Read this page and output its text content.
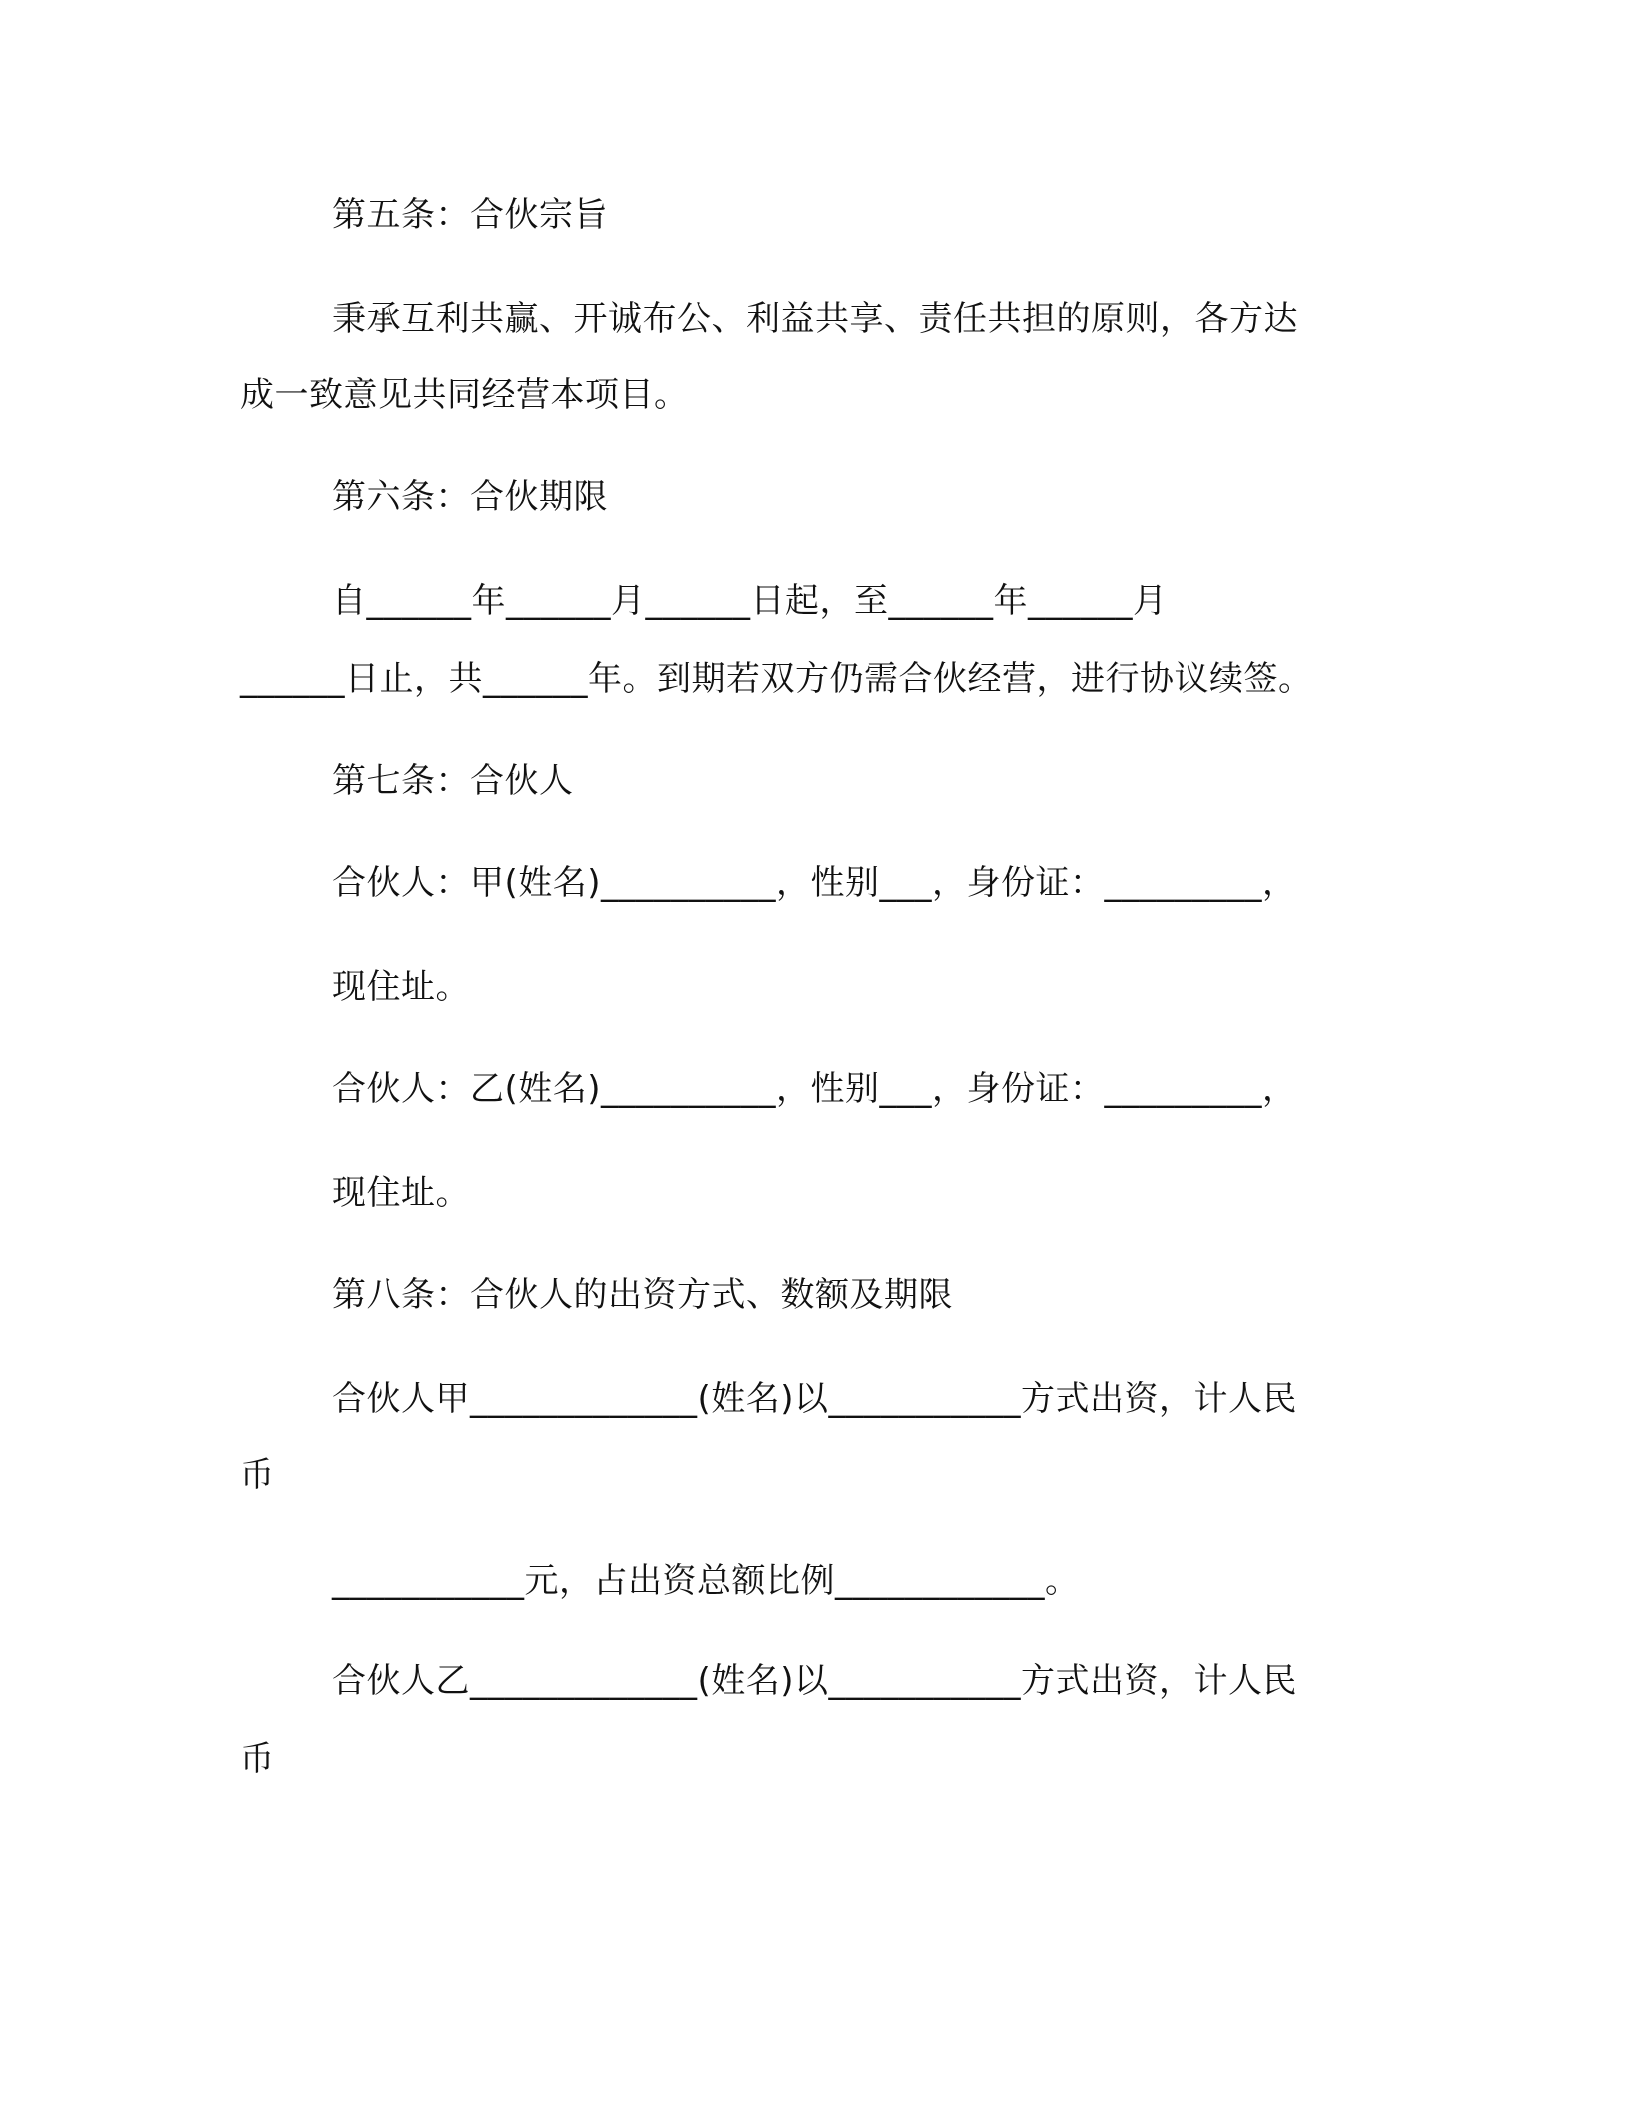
第五条：合伙宗旨
秉承互利共赢、开诚布公、利益共享、责任共担的原则，各方达
成一致意见共同经营本项目。
第六条：合伙期限
自______年______月______日起，至______年______月
______日止，共______年。到期若双方仍需合伙经营，进行协议续签。
第七条：合伙人
合伙人：甲(姓名)__________，性别___，身份证：_________，
现住址。
合伙人：乙(姓名)__________，性别___，身份证：_________，
现住址。
第八条：合伙人的出资方式、数额及期限
合伙人甲_____________(姓名)以___________方式出资，计人民
币
___________元，占出资总额比例____________。
合伙人乙_____________(姓名)以___________方式出资，计人民
币
